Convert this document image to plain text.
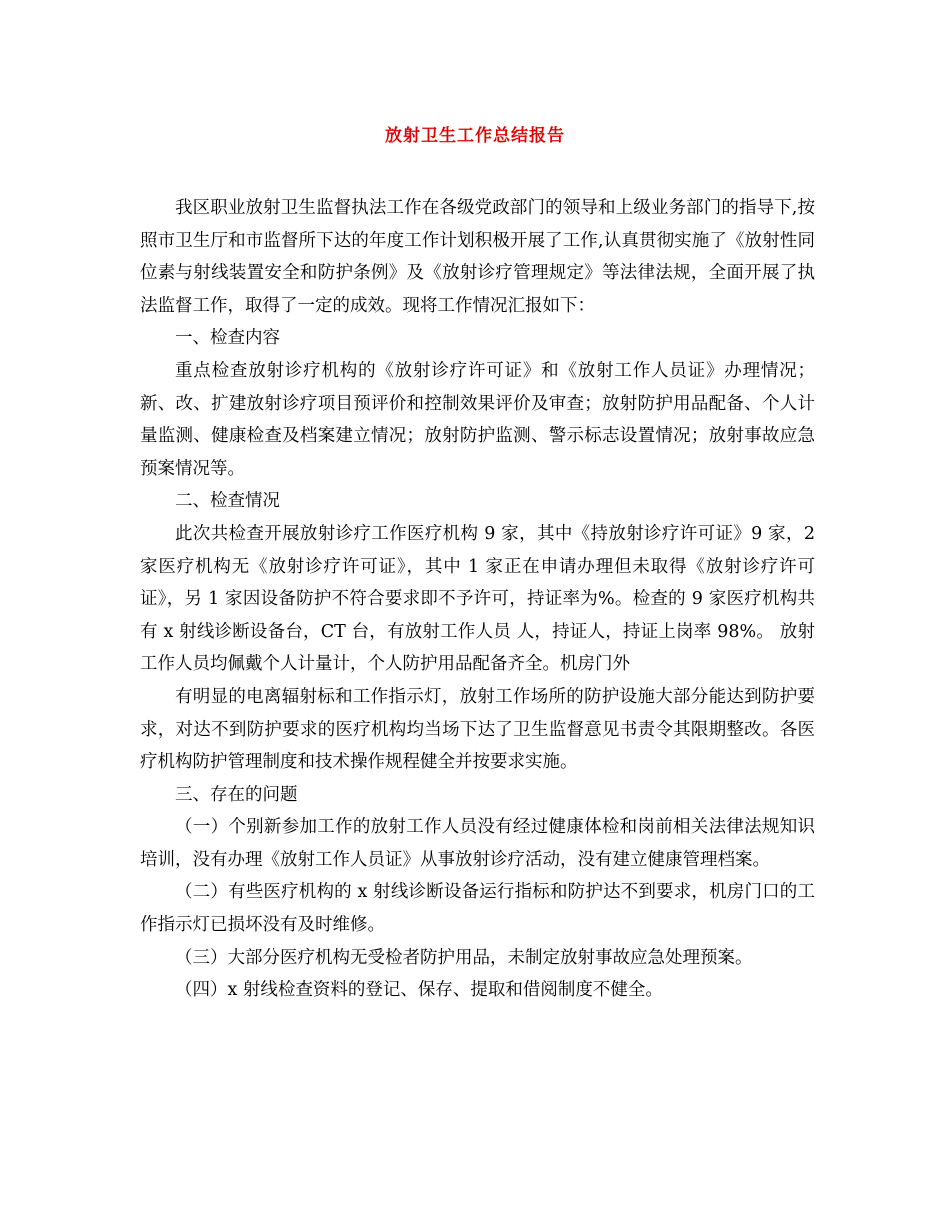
放射卫生工作总结报告

我区职业放射卫生监督执法工作在各级党政部门的领导和上级业务部门的指导下,按照市卫生厅和市监督所下达的年度工作计划积极开展了工作,认真贯彻实施了《放射性同位素与射线装置安全和防护条例》及《放射诊疗管理规定》等法律法规，全面开展了执法监督工作，取得了一定的成效。现将工作情况汇报如下：

一、检查内容

重点检查放射诊疗机构的《放射诊疗许可证》和《放射工作人员证》办理情况；新、改、扩建放射诊疗项目预评价和控制效果评价及审查；放射防护用品配备、个人计量监测、健康检查及档案建立情况；放射防护监测、警示标志设置情况；放射事故应急预案情况等。

二、检查情况

此次共检查开展放射诊疗工作医疗机构 9 家，其中《持放射诊疗许可证》9 家，2 家医疗机构无《放射诊疗许可证》，其中 1 家正在申请办理但未取得《放射诊疗许可证》，另 1 家因设备防护不符合要求即不予许可，持证率为%。检查的 9 家医疗机构共有 x 射线诊断设备台，CT 台，有放射工作人员 人，持证人，持证上岗率 98%。 放射工作人员均佩戴个人计量计，个人防护用品配备齐全。机房门外

有明显的电离辐射标和工作指示灯，放射工作场所的防护设施大部分能达到防护要求，对达不到防护要求的医疗机构均当场下达了卫生监督意见书责令其限期整改。各医疗机构防护管理制度和技术操作规程健全并按要求实施。

三、存在的问题

（一）个别新参加工作的放射工作人员没有经过健康体检和岗前相关法律法规知识培训，没有办理《放射工作人员证》从事放射诊疗活动，没有建立健康管理档案。

（二）有些医疗机构的 x 射线诊断设备运行指标和防护达不到要求，机房门口的工作指示灯已损坏没有及时维修。

（三）大部分医疗机构无受检者防护用品，未制定放射事故应急处理预案。

（四）x 射线检查资料的登记、保存、提取和借阅制度不健全。
